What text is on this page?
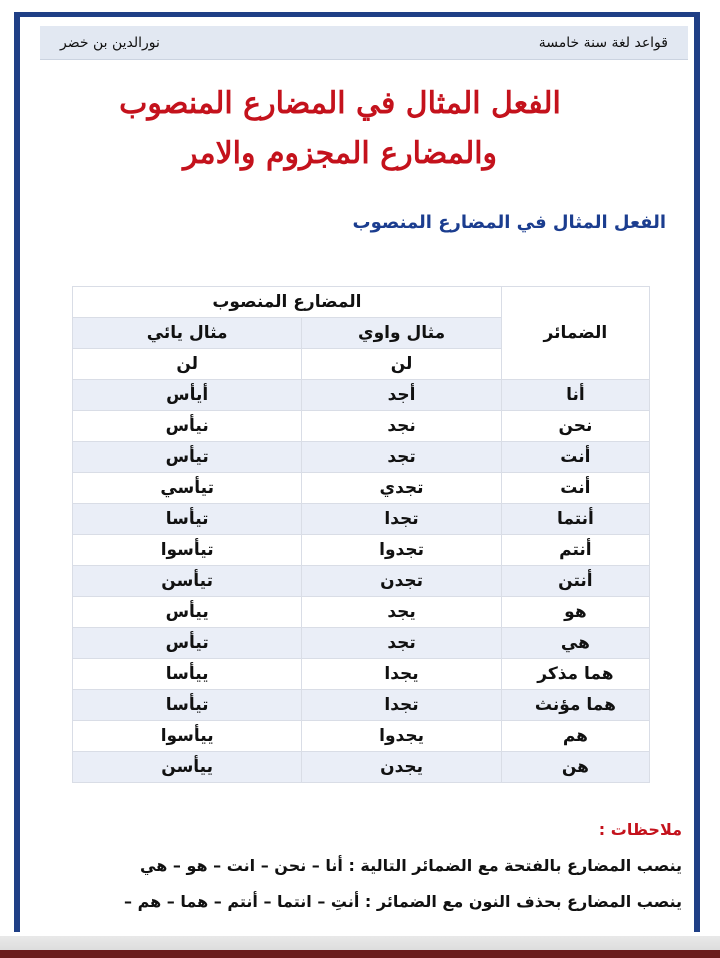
نورالدين بن خضر	قواعد لغة سنة خامسة
الفعل المثال في المضارع المنصوب
والمضارع المجزوم والامر
الفعل المثال في المضارع المنصوب
الضمائر	المضارع المنصوب	
	مثال واوي	مثال يائي
	لن	لن
أنا	أجد	أيأس
نحن	نجد	نيأس
أنت	تجد	تيأس
أنت	تجدي	تيأسي
أنتما	تجدا	تيأسا
أنتم	تجدوا	تيأسوا
أنتن	تجدن	تيأسن
هو	يجد	ييأس
هي	تجد	تيأس
هما مذكر	يجدا	ييأسا
هما مؤنث	تجدا	تيأسا
هم	يجدوا	ييأسوا
هن	يجدن	ييأسن
ملاحظات :
ينصب المضارع بالفتحة مع الضمائر التالية : أنا – نحن – انت – هو – هي
ينصب المضارع بحذف النون مع الضمائر : أنتِ – انتما – أنتم – هما – هم –
